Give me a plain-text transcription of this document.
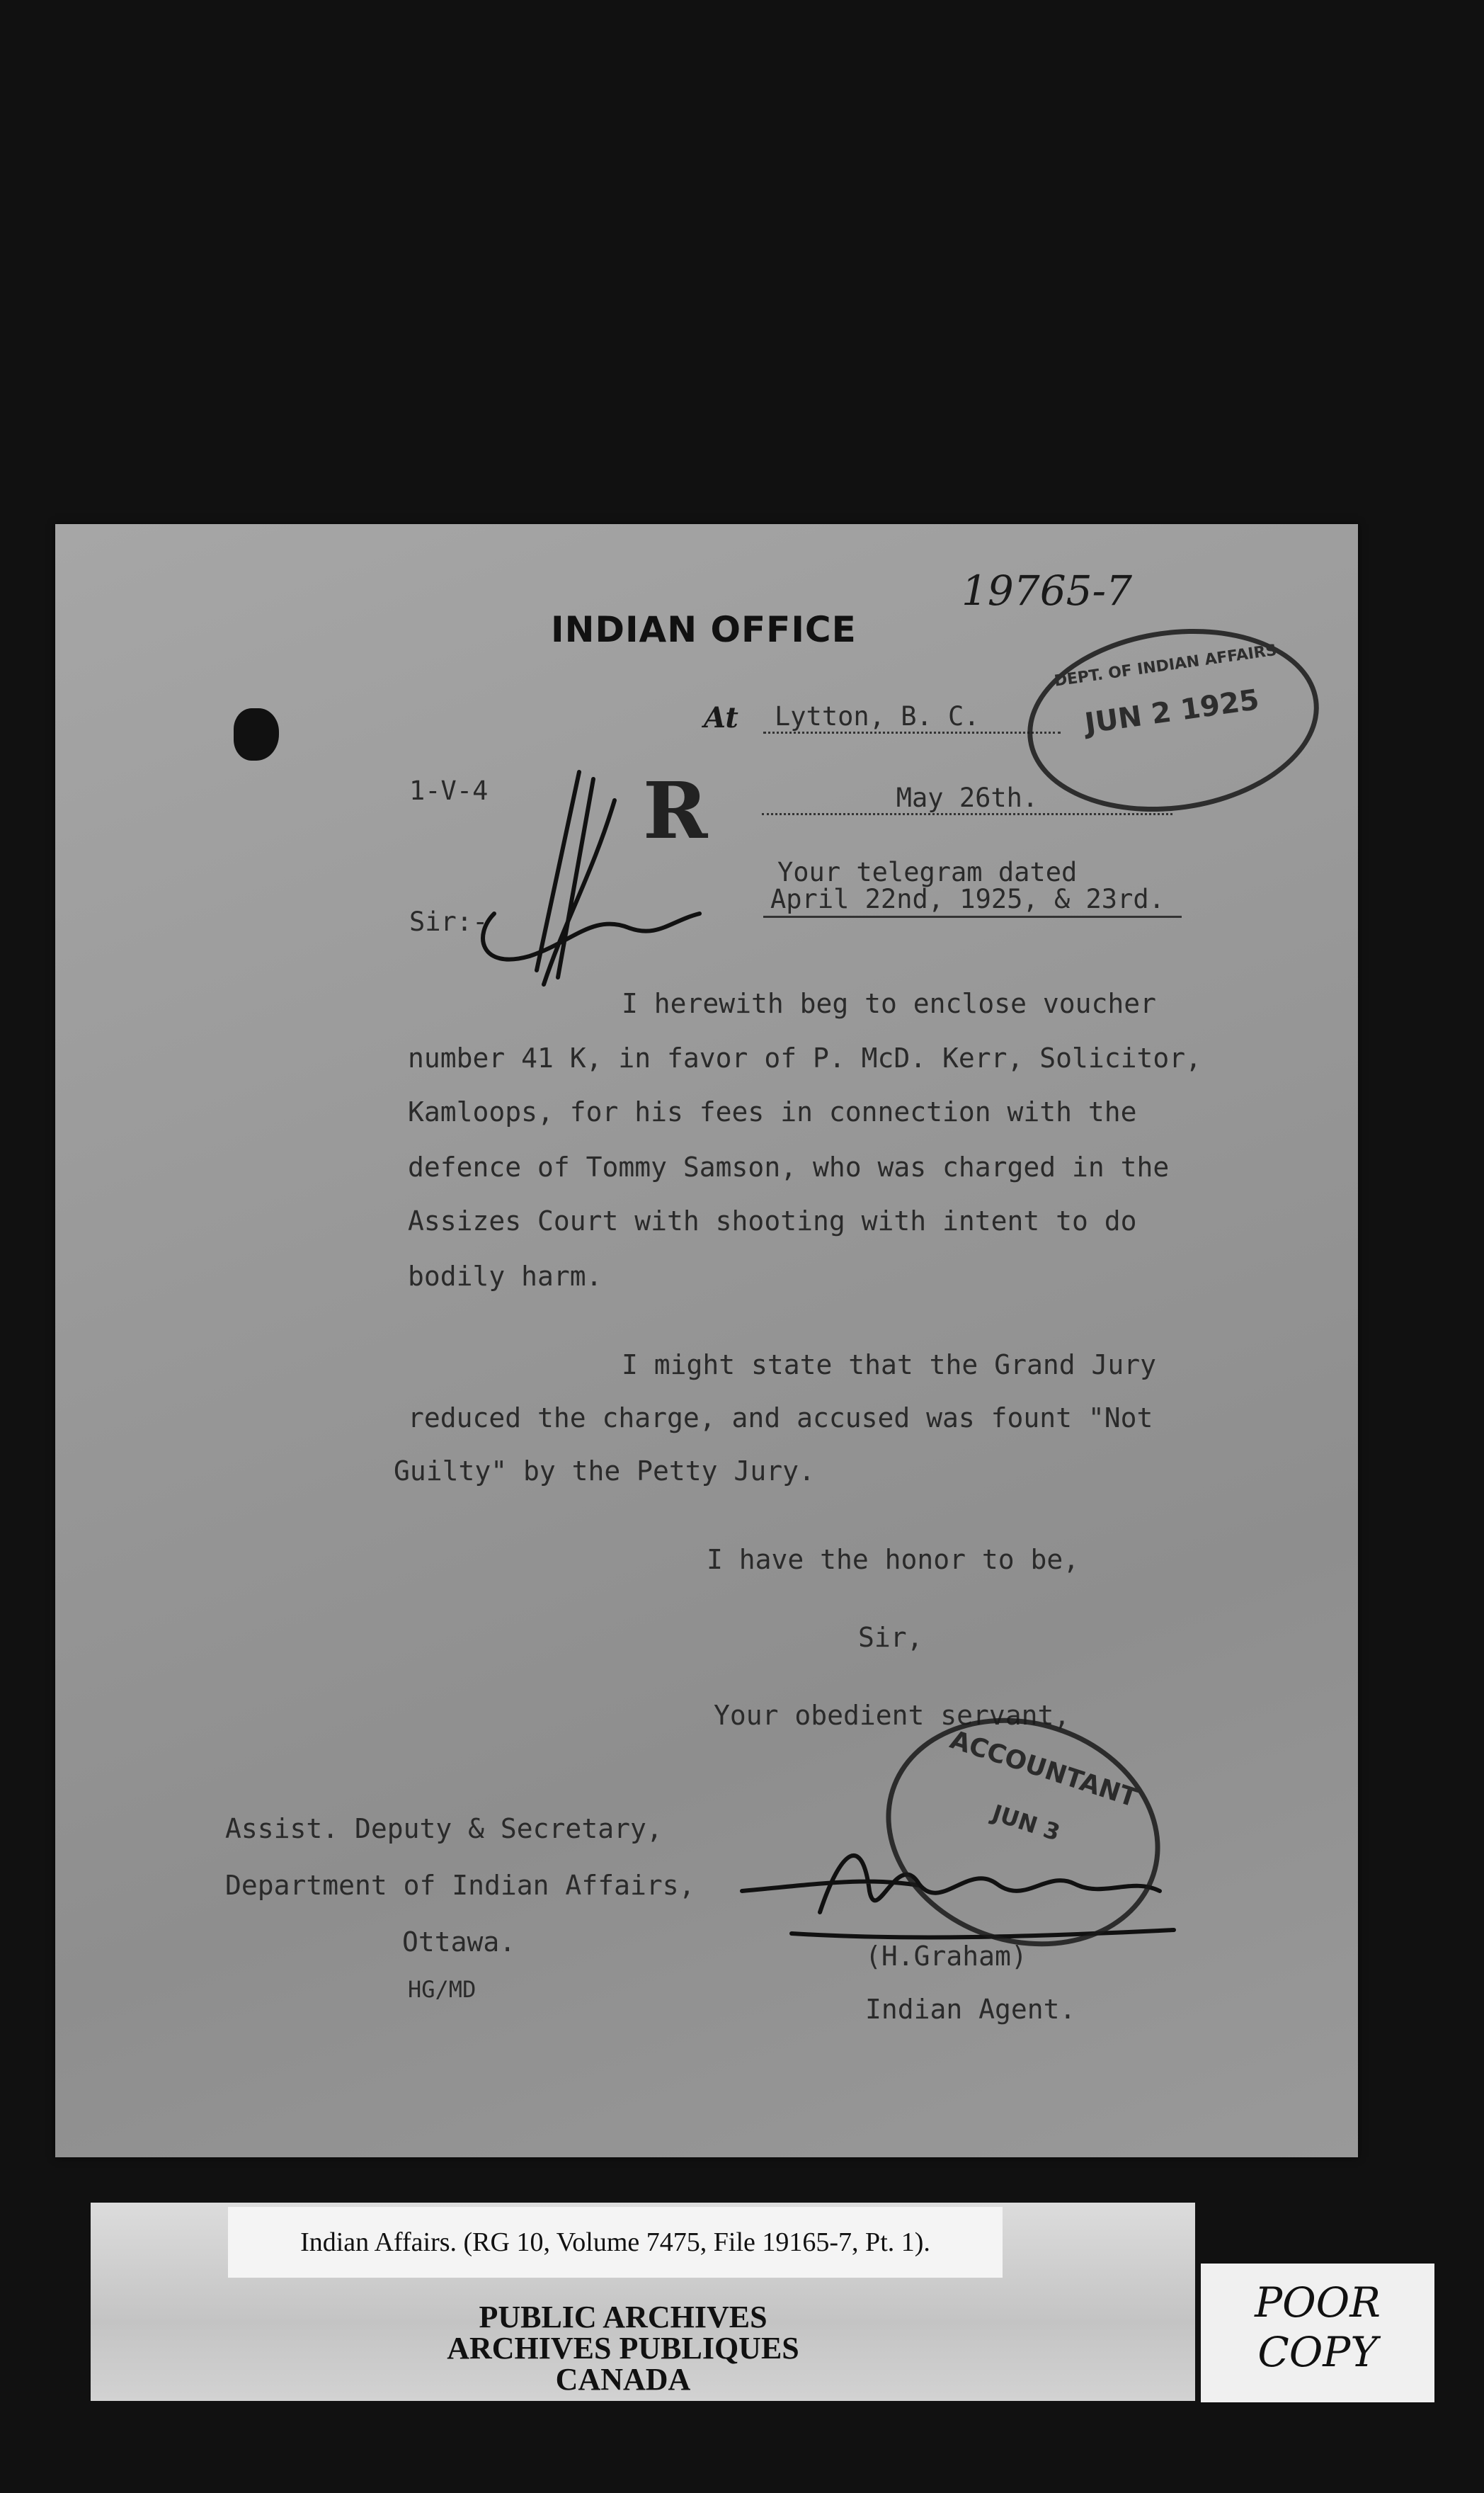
19765-7
INDIAN OFFICE
At	Lytton, B. C.
1-V-4	May 26th.
R
Your telegram dated
April 22nd, 1925, & 23rd.
Sir:-
I herewith beg to enclose voucher
number 41 K, in favor of P. McD. Kerr, Solicitor,
Kamloops, for his fees in connection with the
defence of Tommy Samson, who was charged in the
Assizes Court with shooting with intent to do
bodily harm.
I might state that the Grand Jury
reduced the charge, and accused was fount "Not
Guilty" by the Petty Jury.
I have the honor to be,
Sir,
Your obedient servant,
Assist. Deputy & Secretary,
Department of Indian Affairs,
Ottawa.
HG/MD
(H.Graham)
Indian Agent.
DEPT. OF INDIAN AFFAIRS
JUN 2 1925
ACCOUNTANT
JUN 3
Indian Affairs. (RG 10, Volume 7475, File 19165-7, Pt. 1).
PUBLIC ARCHIVES
ARCHIVES PUBLIQUES
CANADA
POOR
COPY
